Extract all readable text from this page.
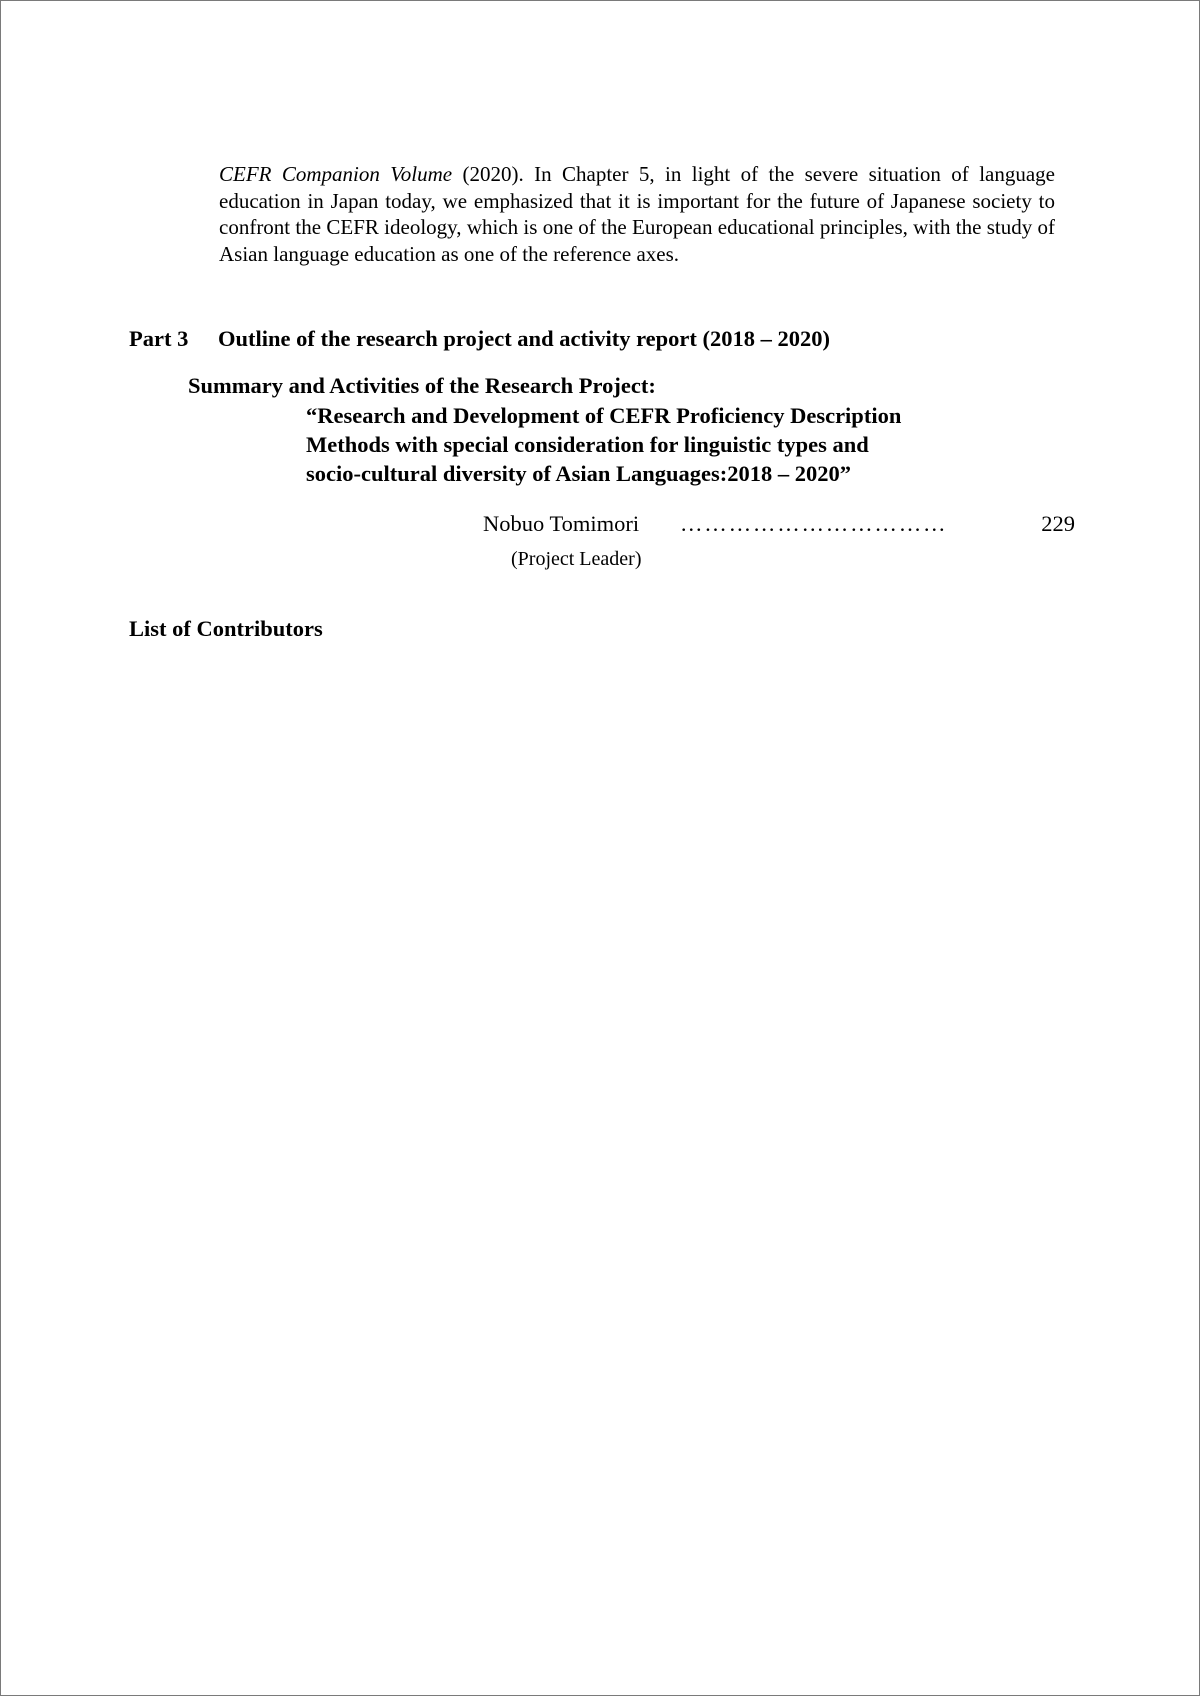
CEFR Companion Volume (2020). In Chapter 5, in light of the severe situation of language education in Japan today, we emphasized that it is important for the future of Japanese society to confront the CEFR ideology, which is one of the European educational principles, with the study of Asian language education as one of the reference axes.

Part 3 Outline of the research project and activity report (2018 – 2020)
Summary and Activities of the Research Project:
“Research and Development of CEFR Proficiency Description
Methods with special consideration for linguistic types and
socio-cultural diversity of Asian Languages:2018 – 2020”
Nobuo Tomimori ……………………………	229
(Project Leader)
List of Contributors
